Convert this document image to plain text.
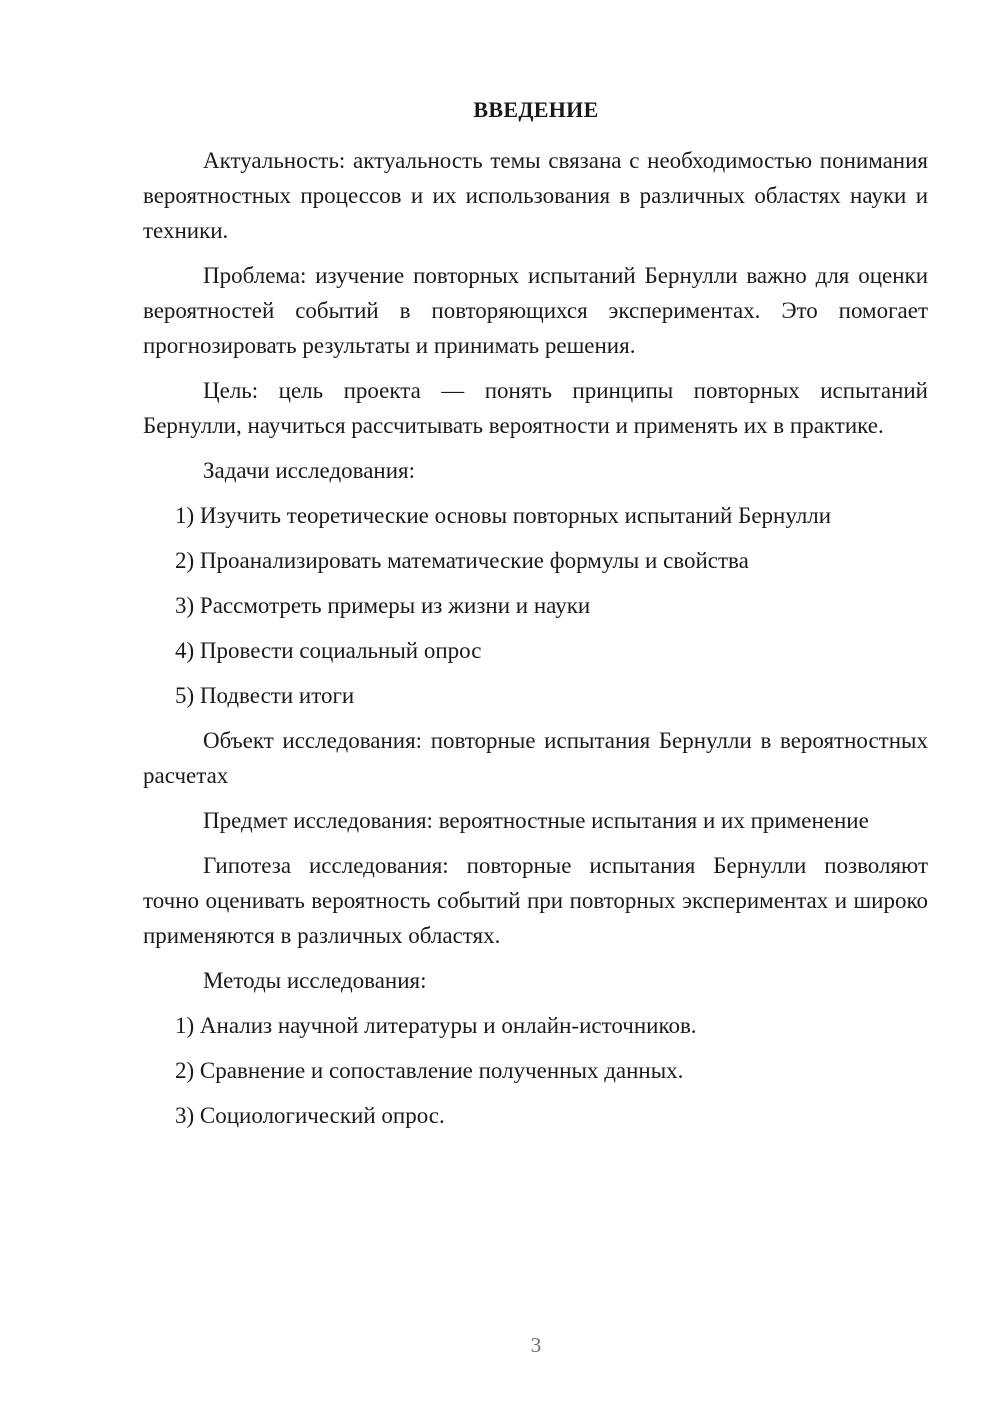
ВВЕДЕНИЕ

Актуальность: актуальность темы связана с необходимостью понимания вероятностных процессов и их использования в различных областях науки и техники.

Проблема: изучение повторных испытаний Бернулли важно для оценки вероятностей событий в повторяющихся экспериментах. Это помогает прогнозировать результаты и принимать решения.

Цель: цель проекта — понять принципы повторных испытаний Бернулли, научиться рассчитывать вероятности и применять их в практике.

Задачи исследования:

1) Изучить теоретические основы повторных испытаний Бернулли

2) Проанализировать математические формулы и свойства

3) Рассмотреть примеры из жизни и науки

4) Провести социальный опрос

5) Подвести итоги

Объект исследования: повторные испытания Бернулли в вероятностных расчетах

Предмет исследования: вероятностные испытания и их применение

Гипотеза исследования: повторные испытания Бернулли позволяют точно оценивать вероятность событий при повторных экспериментах и широко применяются в различных областях.

Методы исследования:

1) Анализ научной литературы и онлайн-источников.

2) Сравнение и сопоставление полученных данных.

3) Социологический опрос.

3
